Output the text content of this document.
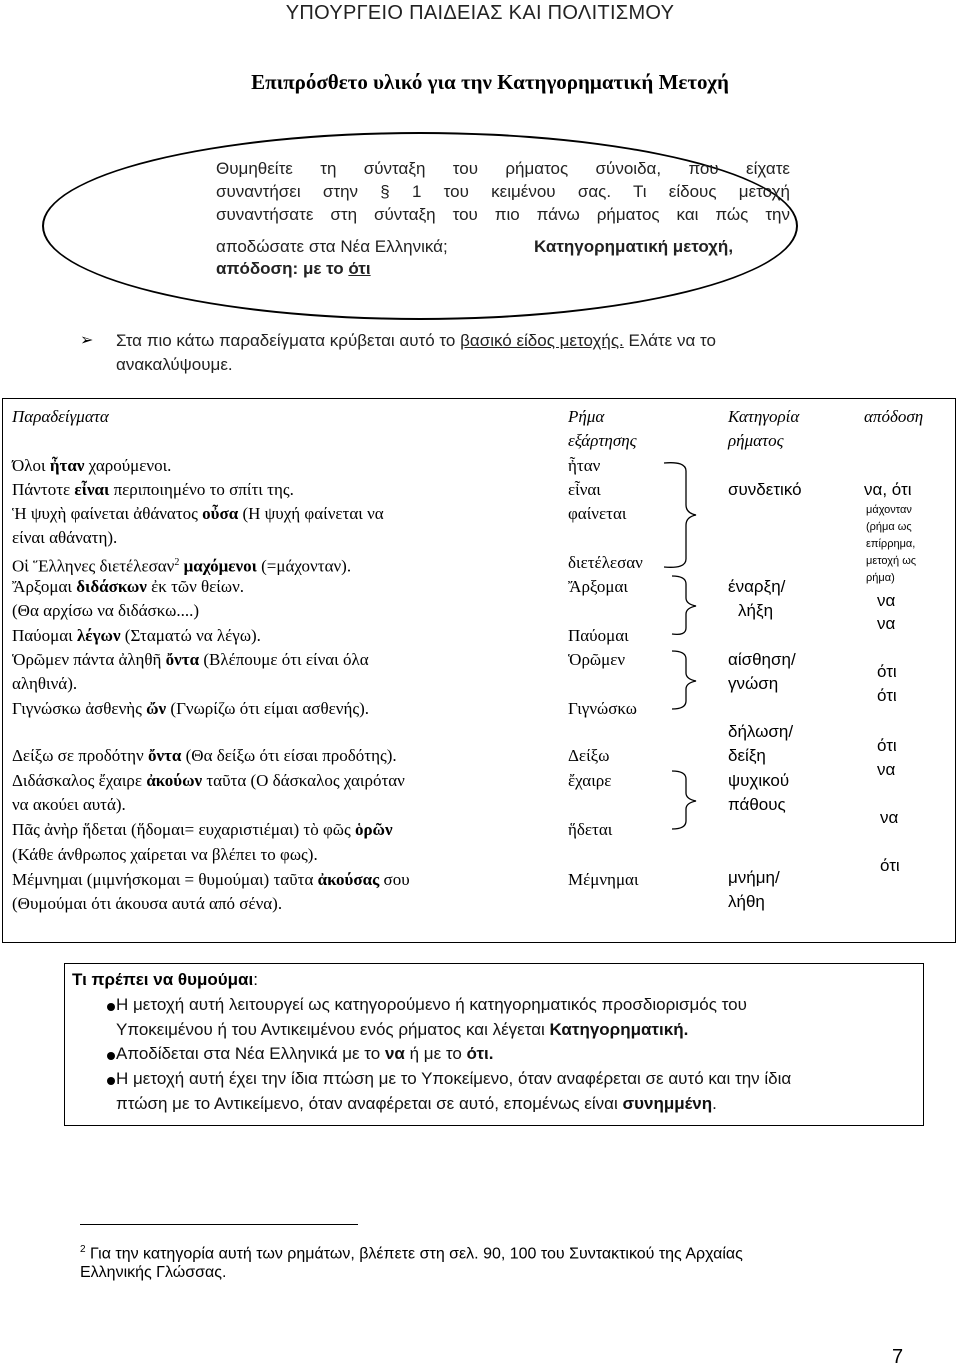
ΥΠΟΥΡΓΕΙΟ ΠΑΙΔΕΙΑΣ ΚΑΙ ΠΟΛΙΤΙΣΜΟΥ
Επιπρόσθετο υλικό για την Κατηγορηματική Μετοχή
Θυμηθείτε τη σύνταξη του ρήματος σύνοιδα, που είχατε
συναντήσει στην § 1 του κειμένου σας. Τι είδους μετοχή
συναντήσατε στη σύνταξη του πιο πάνω ρήματος και πώς την
αποδώσατε στα Νέα Ελληνικά;	Κατηγορηματική μετοχή,
απόδοση: με το ότι
➢ Στα πιο κάτω παραδείγματα κρύβεται αυτό το βασικό είδος μετοχής. Ελάτε να το
ανακαλύψουμε.
Παραδείγματα	Ρήμα
εξάρτησης
Κατηγορία
ρήματος
απόδοση
Όλοι ἦταν χαρούμενοι.
Πάντοτε εἶναι περιποιημένο το σπίτι της.
Ἡ ψυχὴ φαίνεται ἀθάνατος οὖσα (Η ψυχή φαίνεται να
είναι αθάνατη).
Οἱ Ἕλληνες διετέλεσαν$^2$ μαχόμενοι (=μάχονταν).
Ἄρξομαι διδάσκων ἐκ τῶν θείων.
(Θα αρχίσω να διδάσκω....)
Παύομαι λέγων (Σταματώ να λέγω).
Ὁρῶμεν πάντα ἀληθῆ ὄντα (Βλέπουμε ότι είναι όλα
αληθινά).
Γιγνώσκω ἀσθενὴς ὤν (Γνωρίζω ότι είμαι ασθενής).
Δείξω σε προδότην ὄντα (Θα δείξω ότι είσαι προδότης).
Διδάσκαλος ἔχαιρε ἀκούων ταῦτα (Ο δάσκαλος χαιρόταν
να ακούει αυτά).
Πᾶς ἀνὴρ ἥδεται (ἥδομαι= ευχαριστιέμαι) τὸ φῶς ὁρῶν
(Κάθε άνθρωπος χαίρεται να βλέπει το φως).
Μέμνημαι (μιμνήσκομαι = θυμούμαι) ταῦτα ἀκούσας σου
(Θυμούμαι ότι άκουσα αυτά από σένα).
ἦταν
εἶναι
φαίνεται
διετέλεσαν
Ἄρξομαι
Παύομαι
Ὁρῶμεν
Γιγνώσκω
Δείξω
ἔχαιρε
ἥδεται
Μέμνημαι
συνδετικό
έναρξη/
λήξη
αίσθηση/
γνώση
δήλωση/
δείξη
ψυχικού
πάθους
μνήμη/
λήθη
να, ότι
μάχονταν
(ρήμα ως
επίρρημα,
μετοχή ως
ρήμα)
να
να
ότι
ότι
ότι
να
να
ότι
Τι πρέπει να θυμούμαι:
Η μετοχή αυτή λειτουργεί ως κατηγορούμενο ή κατηγορηματικός προσδιορισμός του
Υποκειμένου ή του Αντικειμένου ενός ρήματος και λέγεται Κατηγορηματική.
Αποδίδεται στα Νέα Ελληνικά με το να ή με το ότι.
Η μετοχή αυτή έχει την ίδια πτώση με το Υποκείμενο, όταν αναφέρεται σε αυτό και την ίδια
πτώση με το Αντικείμενο, όταν αναφέρεται σε αυτό, επομένως είναι συνημμένη.
$^2$ Για την κατηγορία αυτή των ρημάτων, βλέπετε στη σελ. 90, 100 του Συντακτικού της Αρχαίας
Ελληνικής Γλώσσας.
7
